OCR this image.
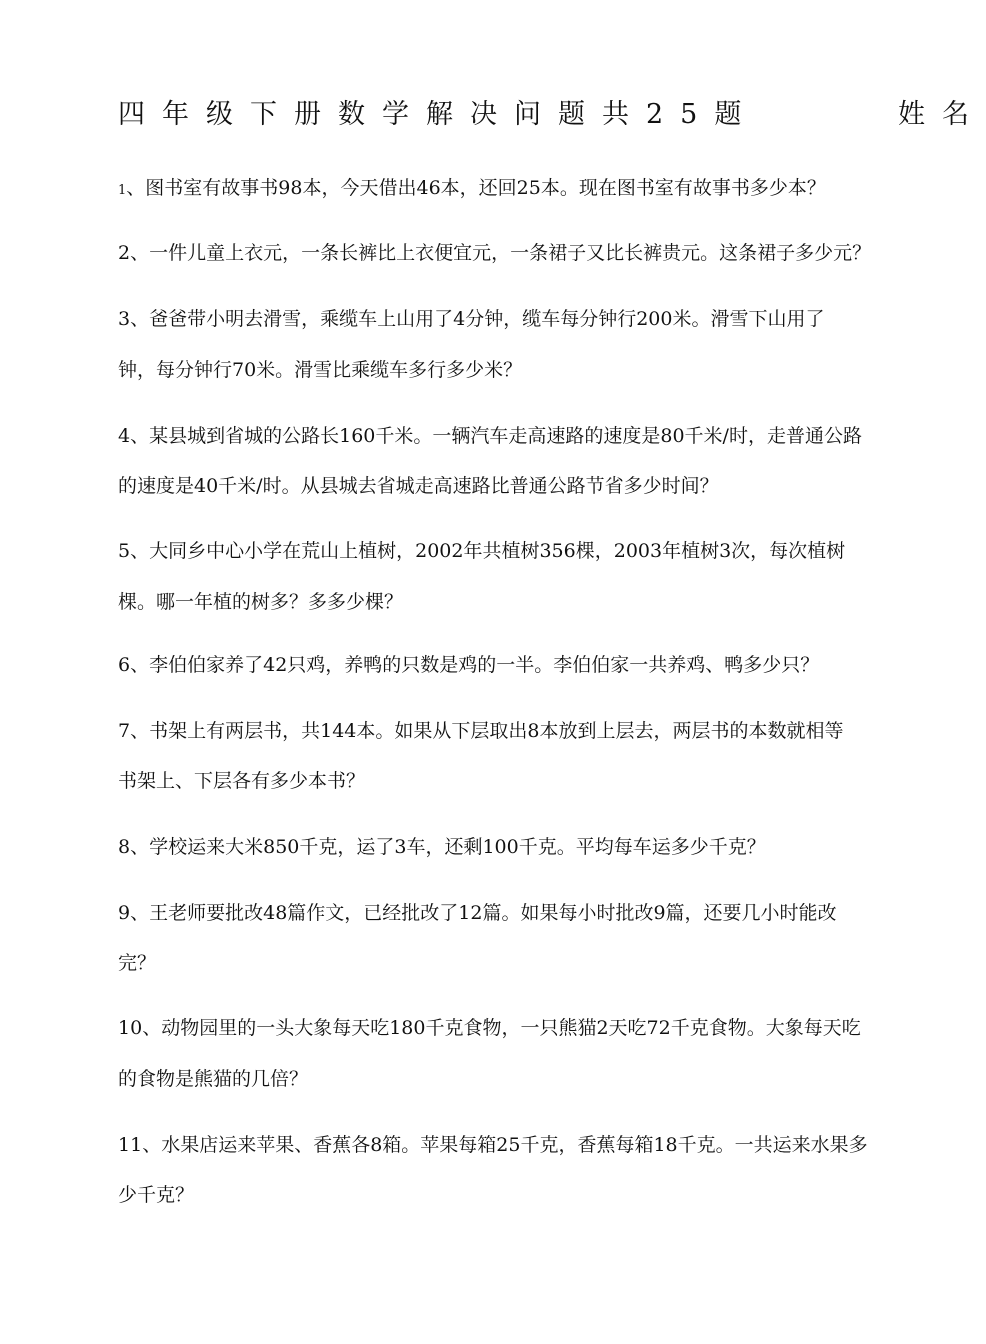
四年级下册数学解决问题共25题	姓名
1、图书室有故事书98本，今天借出46本，还回25本。现在图书室有故事书多少本？
2、一件儿童上衣元，一条长裤比上衣便宜元，一条裙子又比长裤贵元。这条裙子多少元？
3、爸爸带小明去滑雪，乘缆车上山用了4分钟，缆车每分钟行200米。滑雪下山用了
钟，每分钟行70米。滑雪比乘缆车多行多少米？
4、某县城到省城的公路长160千米。一辆汽车走高速路的速度是80千米/时，走普通公路
的速度是40千米/时。从县城去省城走高速路比普通公路节省多少时间？
5、大同乡中心小学在荒山上植树，2002年共植树356棵，2003年植树3次，每次植树
棵。哪一年植的树多？多多少棵？
6、李伯伯家养了42只鸡，养鸭的只数是鸡的一半。李伯伯家一共养鸡、鸭多少只？
7、书架上有两层书，共144本。如果从下层取出8本放到上层去，两层书的本数就相等
书架上、下层各有多少本书？
8、学校运来大米850千克，运了3车，还剩100千克。平均每车运多少千克？
9、王老师要批改48篇作文，已经批改了12篇。如果每小时批改9篇，还要几小时能改
完？
10、动物园里的一头大象每天吃180千克食物，一只熊猫2天吃72千克食物。大象每天吃
的食物是熊猫的几倍？
11、水果店运来苹果、香蕉各8箱。苹果每箱25千克，香蕉每箱18千克。一共运来水果多
少千克？
